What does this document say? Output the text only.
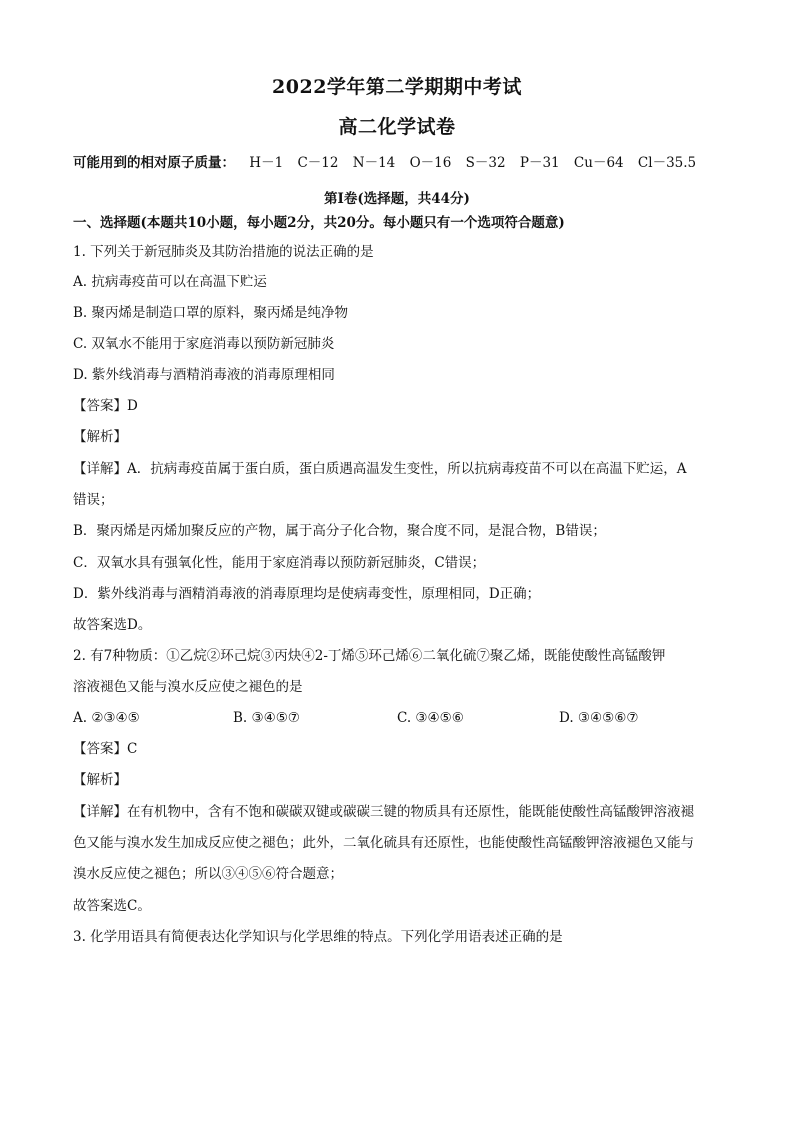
2022学年第二学期期中考试
高二化学试卷
可能用到的相对原子质量： H－1 C－12 N－14 O－16 S－32 P－31 Cu－64 Cl－35.5
第I卷(选择题，共44分)
一、选择题(本题共10小题，每小题2分，共20分。每小题只有一个选项符合题意)
1. 下列关于新冠肺炎及其防治措施的说法正确的是
A. 抗病毒疫苗可以在高温下贮运
B. 聚丙烯是制造口罩的原料，聚丙烯是纯净物
C. 双氧水不能用于家庭消毒以预防新冠肺炎
D. 紫外线消毒与酒精消毒液的消毒原理相同
【答案】D
【解析】
【详解】A．抗病毒疫苗属于蛋白质，蛋白质遇高温发生变性，所以抗病毒疫苗不可以在高温下贮运，A
错误；
B．聚丙烯是丙烯加聚反应的产物，属于高分子化合物，聚合度不同，是混合物，B错误；
C．双氧水具有强氧化性，能用于家庭消毒以预防新冠肺炎，C错误；
D．紫外线消毒与酒精消毒液的消毒原理均是使病毒变性，原理相同，D正确；
故答案选D。
2. 有7种物质：①乙烷②环己烷③丙炔④2-丁烯⑤环己烯⑥二氧化硫⑦聚乙烯，既能使酸性高锰酸钾
溶液褪色又能与溴水反应使之褪色的是
A. ②③④⑤	B. ③④⑤⑦	C. ③④⑤⑥	D. ③④⑤⑥⑦
【答案】C
【解析】
【详解】在有机物中，含有不饱和碳碳双键或碳碳三键的物质具有还原性，能既能使酸性高锰酸钾溶液褪
色又能与溴水发生加成反应使之褪色；此外，二氧化硫具有还原性，也能使酸性高锰酸钾溶液褪色又能与
溴水反应使之褪色；所以③④⑤⑥符合题意；
故答案选C。
3. 化学用语具有简便表达化学知识与化学思维的特点。下列化学用语表述正确的是
